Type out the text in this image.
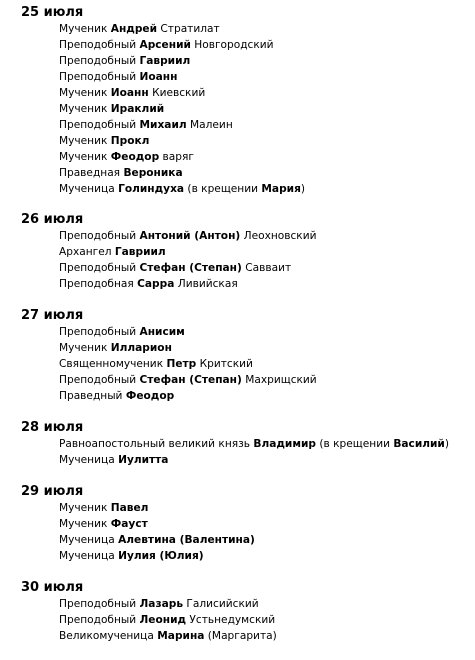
25 июля
Мученик Андрей Стратилат
Преподобный Арсений Новгородский
Преподобный Гавриил
Преподобный Иоанн
Мученик Иоанн Киевский
Мученик Ираклий
Преподобный Михаил Малеин
Мученик Прокл
Мученик Феодор варяг
Праведная Вероника
Мученица Голиндуха (в крещении Мария)
26 июля
Преподобный Антоний (Антон) Леохновский
Архангел Гавриил
Преподобный Стефан (Степан) Савваит
Преподобная Сарра Ливийская
27 июля
Преподобный Анисим
Мученик Илларион
Священномученик Петр Критский
Преподобный Стефан (Степан) Махрищский
Праведный Феодор
28 июля
Равноапостольный великий князь Владимир (в крещении Василий)
Мученица Иулитта
29 июля
Мученик Павел
Мученик Фауст
Мученица Алевтина (Валентина)
Мученица Иулия (Юлия)
30 июля
Преподобный Лазарь Галисийский
Преподобный Леонид Устьнедумский
Великомученица Марина (Маргарита)
